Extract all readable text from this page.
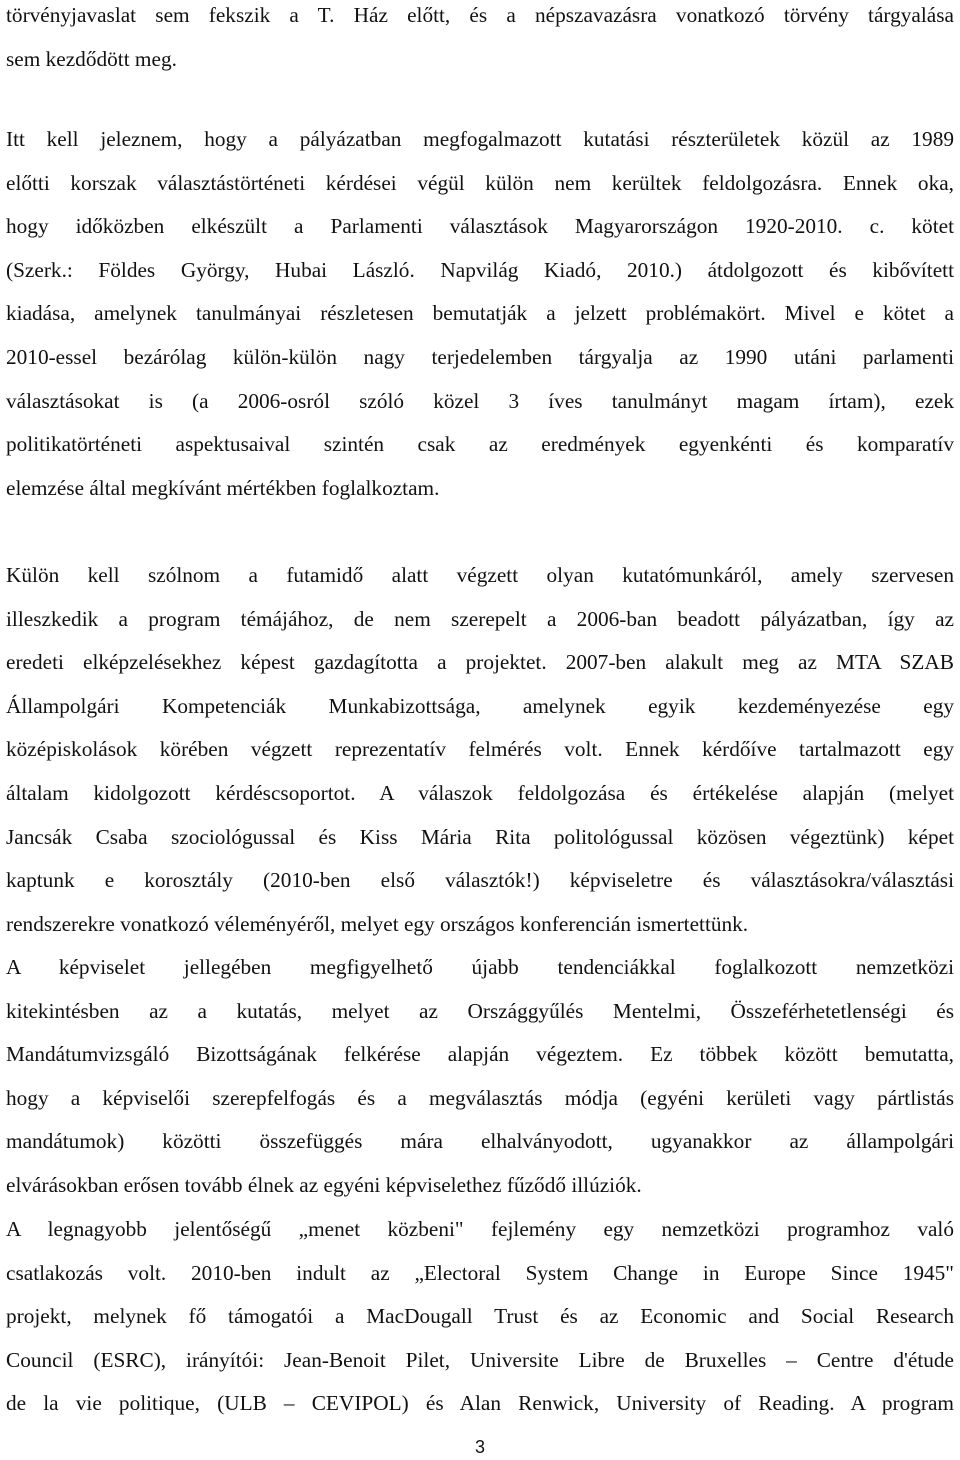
törvényjavaslat sem fekszik a T. Ház előtt, és a népszavazásra vonatkozó törvény tárgyalása
sem kezdődött meg.
Itt kell jeleznem, hogy a pályázatban megfogalmazott kutatási részterületek közül az 1989
előtti korszak választástörténeti kérdései végül külön nem kerültek feldolgozásra. Ennek oka,
hogy időközben elkészült a Parlamenti választások Magyarországon 1920-2010. c. kötet
(Szerk.: Földes György, Hubai László. Napvilág Kiadó, 2010.) átdolgozott és kibővített
kiadása, amelynek tanulmányai részletesen bemutatják a jelzett problémakört. Mivel e kötet a
2010-essel bezárólag külön-külön nagy terjedelemben tárgyalja az 1990 utáni parlamenti
választásokat is (a 2006-osról szóló közel 3 íves tanulmányt magam írtam), ezek
politikatörténeti aspektusaival szintén csak az eredmények egyenkénti és komparatív
elemzése által megkívánt mértékben foglalkoztam.
Külön kell szólnom a futamidő alatt végzett olyan kutatómunkáról, amely szervesen
illeszkedik a program témájához, de nem szerepelt a 2006-ban beadott pályázatban, így az
eredeti elképzelésekhez képest gazdagította a projektet. 2007-ben alakult meg az MTA SZAB
Állampolgári Kompetenciák Munkabizottsága, amelynek egyik kezdeményezése egy
középiskolások körében végzett reprezentatív felmérés volt. Ennek kérdőíve tartalmazott egy
általam kidolgozott kérdéscsoportot. A válaszok feldolgozása és értékelése alapján (melyet
Jancsák Csaba szociológussal és Kiss Mária Rita politológussal közösen végeztünk) képet
kaptunk e korosztály (2010-ben első választók!) képviseletre és választásokra/választási
rendszerekre vonatkozó véleményéről, melyet egy országos konferencián ismertettünk.
A képviselet jellegében megfigyelhető újabb tendenciákkal foglalkozott nemzetközi
kitekintésben az a kutatás, melyet az Országgyűlés Mentelmi, Összeférhetetlenségi és
Mandátumvizsgáló Bizottságának felkérése alapján végeztem. Ez többek között bemutatta,
hogy a képviselői szerepfelfogás és a megválasztás módja (egyéni kerületi vagy pártlistás
mandátumok) közötti összefüggés mára elhalványodott, ugyanakkor az állampolgári
elvárásokban erősen tovább élnek az egyéni képviselethez fűződő illúziók.
A legnagyobb jelentőségű „menet közbeni" fejlemény egy nemzetközi programhoz való
csatlakozás volt. 2010-ben indult az „Electoral System Change in Europe Since 1945"
projekt, melynek fő támogatói a MacDougall Trust és az Economic and Social Research
Council (ESRC), irányítói: Jean-Benoit Pilet, Universite Libre de Bruxelles – Centre d'étude
de la vie politique, (ULB – CEVIPOL) és Alan Renwick, University of Reading. A program
3
